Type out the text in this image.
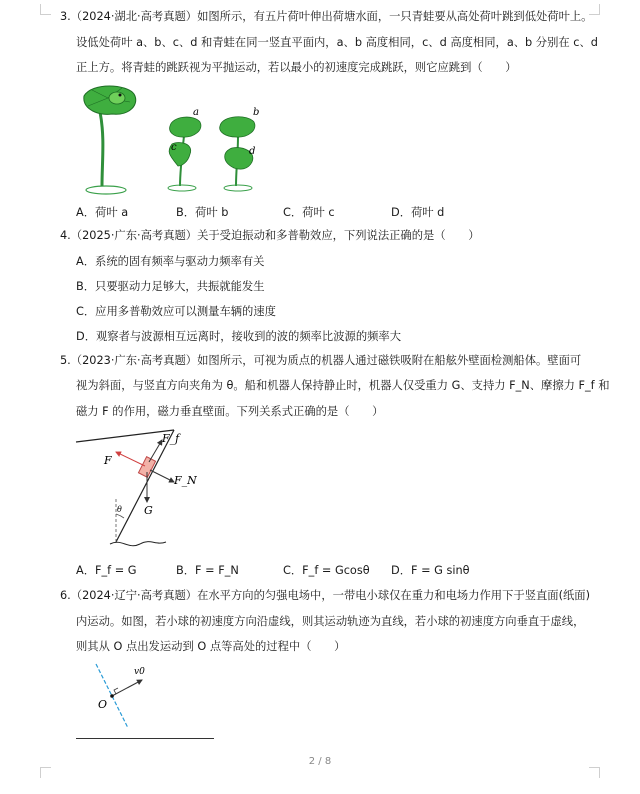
3.（2024·湖北·高考真题）如图所示，有五片荷叶伸出荷塘水面，一只青蛙要从高处荷叶跳到低处荷叶上。
设低处荷叶 a、b、c、d 和青蛙在同一竖直平面内，a、b 高度相同，c、d 高度相同，a、b 分别在 c、d
正上方。将青蛙的跳跃视为平抛运动，若以最小的初速度完成跳跃，则它应跳到（　　）
a	b
c	d
A．荷叶 a	B．荷叶 b	C．荷叶 c	D．荷叶 d
4.（2025·广东·高考真题）关于受迫振动和多普勒效应，下列说法正确的是（　　）
A．系统的固有频率与驱动力频率有关
B．只要驱动力足够大，共振就能发生
C．应用多普勒效应可以测量车辆的速度
D．观察者与波源相互远离时，接收到的波的频率比波源的频率大
5.（2023·广东·高考真题）如图所示，可视为质点的机器人通过磁铁吸附在船舷外壁面检测船体。壁面可
视为斜面，与竖直方向夹角为 θ。船和机器人保持静止时，机器人仅受重力 G、支持力 F_N、摩擦力 F_f 和
磁力 F 的作用，磁力垂直壁面。下列关系式正确的是（　　）
F_f
F
F_N
θ G
A．F_f = G	B．F = F_N	C．F_f = Gcosθ D．F = G sinθ
6.（2024·辽宁·高考真题）在水平方向的匀强电场中，一带电小球仅在重力和电场力作用下于竖直面(纸面)
内运动。如图，若小球的初速度方向沿虚线，则其运动轨迹为直线，若小球的初速度方向垂直于虚线，
则其从 O 点出发运动到 O 点等高处的过程中（　　）
v0
O
2 / 8
